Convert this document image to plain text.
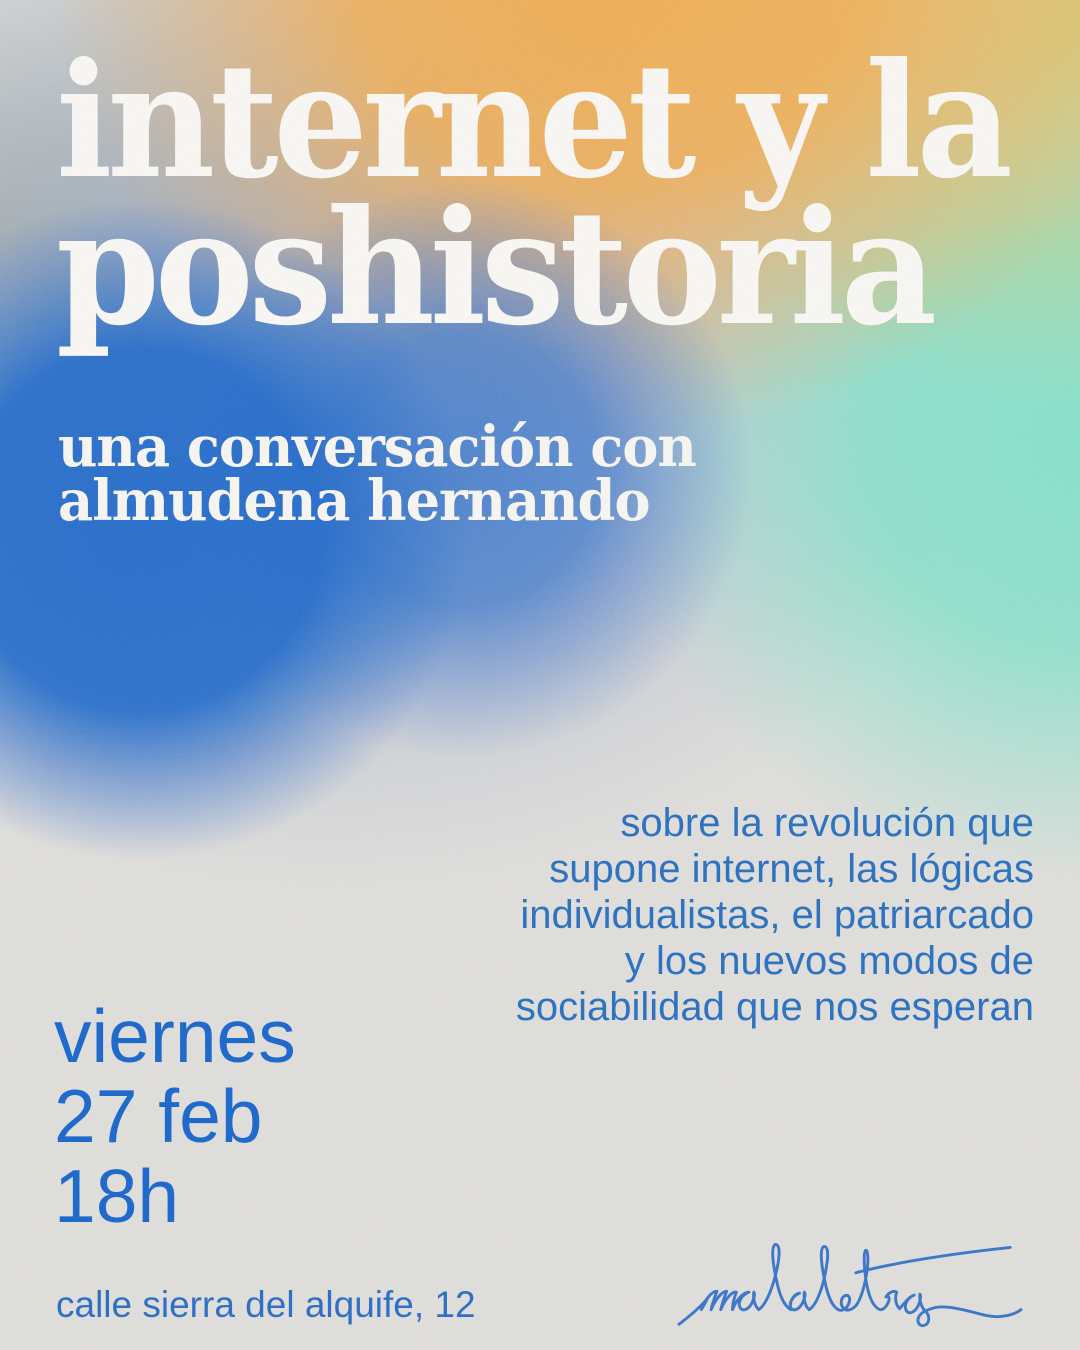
internet y la
poshistoria
una conversación con
almudena hernando
sobre la revolución que
supone internet, las lógicas
individualistas, el patriarcado
y los nuevos modos de
sociabilidad que nos esperan
viernes
27 feb
18h
calle sierra del alquife, 12
